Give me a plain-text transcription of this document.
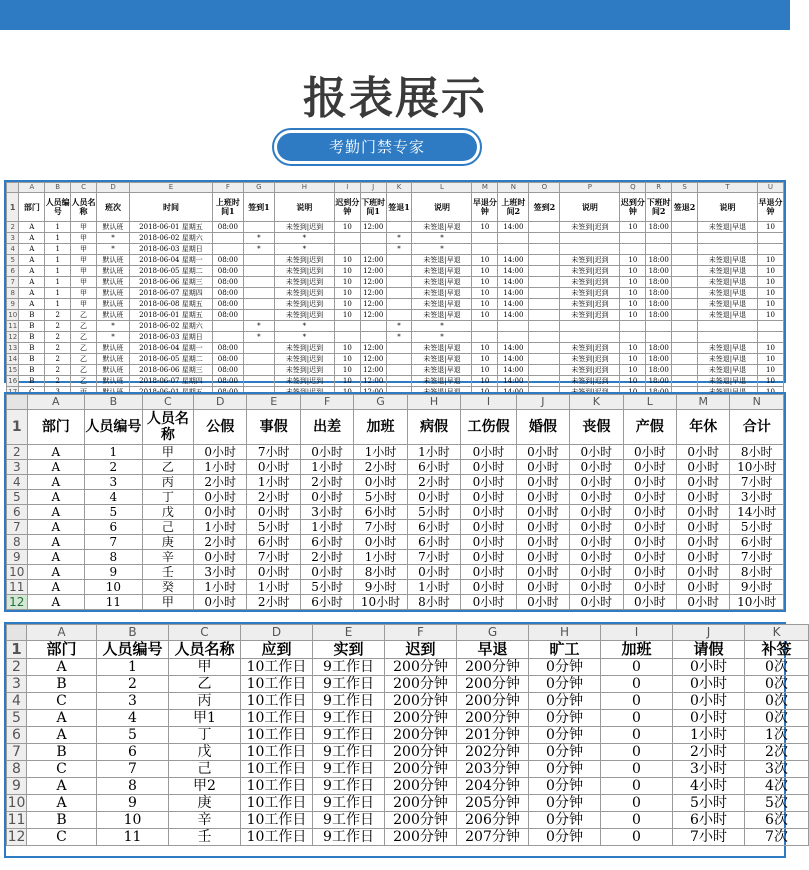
报表展示
考勤门禁专家
	A	B	C	D	E	F	G	H	I	J	K	L	M	N	O	P	Q	R	S	T	U
1	部门	人员编号	人员名称	班次	时间	上班时间1	签到1	说明	迟到分钟	下班时间1	签退1	说明	早退分钟	上班时间2	签到2	说明	迟到分钟	下班时间2	签退2	说明	早退分钟
2	A	1	甲	默认班	2018-06-01 星期五	08:00		未签到|迟到	10	12:00		未签退|早退	10	14:00		未签到|迟到	10	18:00		未签退|早退	10
3	A	1	甲	*	2018-06-02 星期六		*	*			*	*									
4	A	1	甲	*	2018-06-03 星期日		*	*			*	*									
5	A	1	甲	默认班	2018-06-04 星期一	08:00		未签到|迟到	10	12:00		未签退|早退	10	14:00		未签到|迟到	10	18:00		未签退|早退	10
6	A	1	甲	默认班	2018-06-05 星期二	08:00		未签到|迟到	10	12:00		未签退|早退	10	14:00		未签到|迟到	10	18:00		未签退|早退	10
7	A	1	甲	默认班	2018-06-06 星期三	08:00		未签到|迟到	10	12:00		未签退|早退	10	14:00		未签到|迟到	10	18:00		未签退|早退	10
8	A	1	甲	默认班	2018-06-07 星期四	08:00		未签到|迟到	10	12:00		未签退|早退	10	14:00		未签到|迟到	10	18:00		未签退|早退	10
9	A	1	甲	默认班	2018-06-08 星期五	08:00		未签到|迟到	10	12:00		未签退|早退	10	14:00		未签到|迟到	10	18:00		未签退|早退	10
10	B	2	乙	默认班	2018-06-01 星期五	08:00		未签到|迟到	10	12:00		未签退|早退	10	14:00		未签到|迟到	10	18:00		未签退|早退	10
11	B	2	乙	*	2018-06-02 星期六		*	*			*	*									
12	B	2	乙	*	2018-06-03 星期日		*	*			*	*									
13	B	2	乙	默认班	2018-06-04 星期一	08:00		未签到|迟到	10	12:00		未签退|早退	10	14:00		未签到|迟到	10	18:00		未签退|早退	10
14	B	2	乙	默认班	2018-06-05 星期二	08:00		未签到|迟到	10	12:00		未签退|早退	10	14:00		未签到|迟到	10	18:00		未签退|早退	10
15	B	2	乙	默认班	2018-06-06 星期三	08:00		未签到|迟到	10	12:00		未签退|早退	10	14:00		未签到|迟到	10	18:00		未签退|早退	10
16	B	2	乙	默认班	2018-06-07 星期四	08:00		未签到|迟到	10	12:00		未签退|早退	10	14:00		未签到|迟到	10	18:00		未签退|早退	10

	A	B	C	D	E	F	G	H	I	J	K	L	M	N
1	部门	人员编号	人员名称	公假	事假	出差	加班	病假	工伤假	婚假	丧假	产假	年休	合计
2	A	1	甲	0小时	7小时	0小时	1小时	1小时	0小时	0小时	0小时	0小时	0小时	8小时
3	A	2	乙	1小时	0小时	1小时	2小时	6小时	0小时	0小时	0小时	0小时	0小时	10小时
4	A	3	丙	2小时	1小时	2小时	0小时	2小时	0小时	0小时	0小时	0小时	0小时	7小时
5	A	4	丁	0小时	2小时	0小时	5小时	0小时	0小时	0小时	0小时	0小时	0小时	3小时
6	A	5	戊	0小时	0小时	3小时	6小时	5小时	0小时	0小时	0小时	0小时	0小时	14小时
7	A	6	己	1小时	5小时	1小时	7小时	6小时	0小时	0小时	0小时	0小时	0小时	5小时
8	A	7	庚	2小时	6小时	6小时	0小时	6小时	0小时	0小时	0小时	0小时	0小时	6小时
9	A	8	辛	0小时	7小时	2小时	1小时	7小时	0小时	0小时	0小时	0小时	0小时	7小时
10	A	9	壬	3小时	0小时	0小时	8小时	0小时	0小时	0小时	0小时	0小时	0小时	8小时
11	A	10	癸	1小时	1小时	5小时	9小时	1小时	0小时	0小时	0小时	0小时	0小时	9小时
12	A	11	甲	0小时	2小时	6小时	10小时	8小时	0小时	0小时	0小时	0小时	0小时	10小时
	A	B	C	D	E	F	G	H	I	J	K
1	部门	人员编号	人员名称	应到	实到	迟到	早退	旷工	加班	请假	补签
2	A	1	甲	10工作日	9工作日	200分钟	200分钟	0分钟	0	0小时	0次
3	B	2	乙	10工作日	9工作日	200分钟	200分钟	0分钟	0	0小时	0次
4	C	3	丙	10工作日	9工作日	200分钟	200分钟	0分钟	0	0小时	0次
5	A	4	甲1	10工作日	9工作日	200分钟	200分钟	0分钟	0	0小时	0次
6	A	5	丁	10工作日	9工作日	200分钟	201分钟	0分钟	0	1小时	1次
7	B	6	戊	10工作日	9工作日	200分钟	202分钟	0分钟	0	2小时	2次
8	C	7	己	10工作日	9工作日	200分钟	203分钟	0分钟	0	3小时	3次
9	A	8	甲2	10工作日	9工作日	200分钟	204分钟	0分钟	0	4小时	4次
10	A	9	庚	10工作日	9工作日	200分钟	205分钟	0分钟	0	5小时	5次
11	B	10	辛	10工作日	9工作日	200分钟	206分钟	0分钟	0	6小时	6次
12	C	11	壬	10工作日	9工作日	200分钟	207分钟	0分钟	0	7小时	7次
